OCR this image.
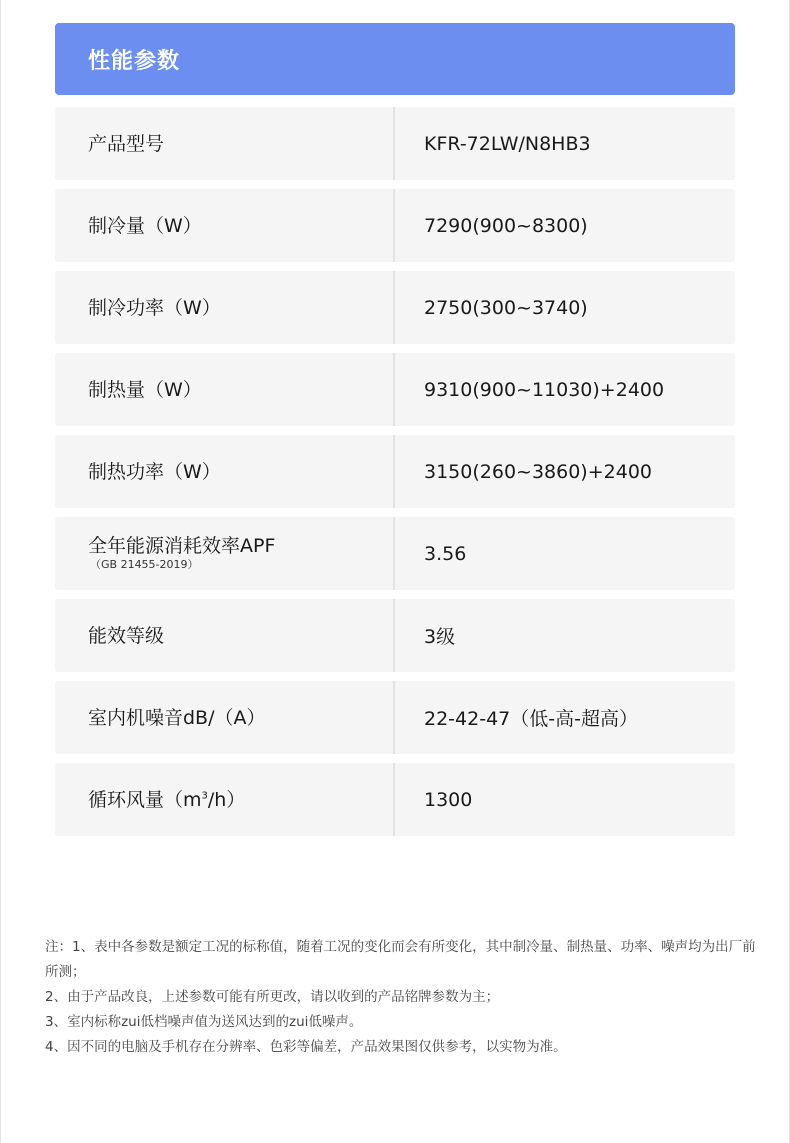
性能参数
产品型号	KFR-72LW/N8HB3
制冷量（W）	7290(900~8300)
制冷功率（W）	2750(300~3740)
制热量（W）	9310(900~11030)+2400
制热功率（W）	3150(260~3860)+2400
全年能源消耗效率APF
（GB 21455-2019）	3.56
能效等级	3级
室内机噪音dB/（A）	22-42-47（低-高-超高）
循环风量$(m^3/h)$	1300

注：1、表中各参数是额定工况的标称值，随着工况的变化而会有所变化，其中制冷量、制热量、功率、噪声均为出厂前所测；

2、由于产品改良，上述参数可能有所更改，请以收到的产品铭牌参数为主；

3、室内标称zui低档噪声值为送风达到的zui低噪声。

4、因不同的电脑及手机存在分辨率、色彩等偏差，产品效果图仅供参考，以实物为准。
